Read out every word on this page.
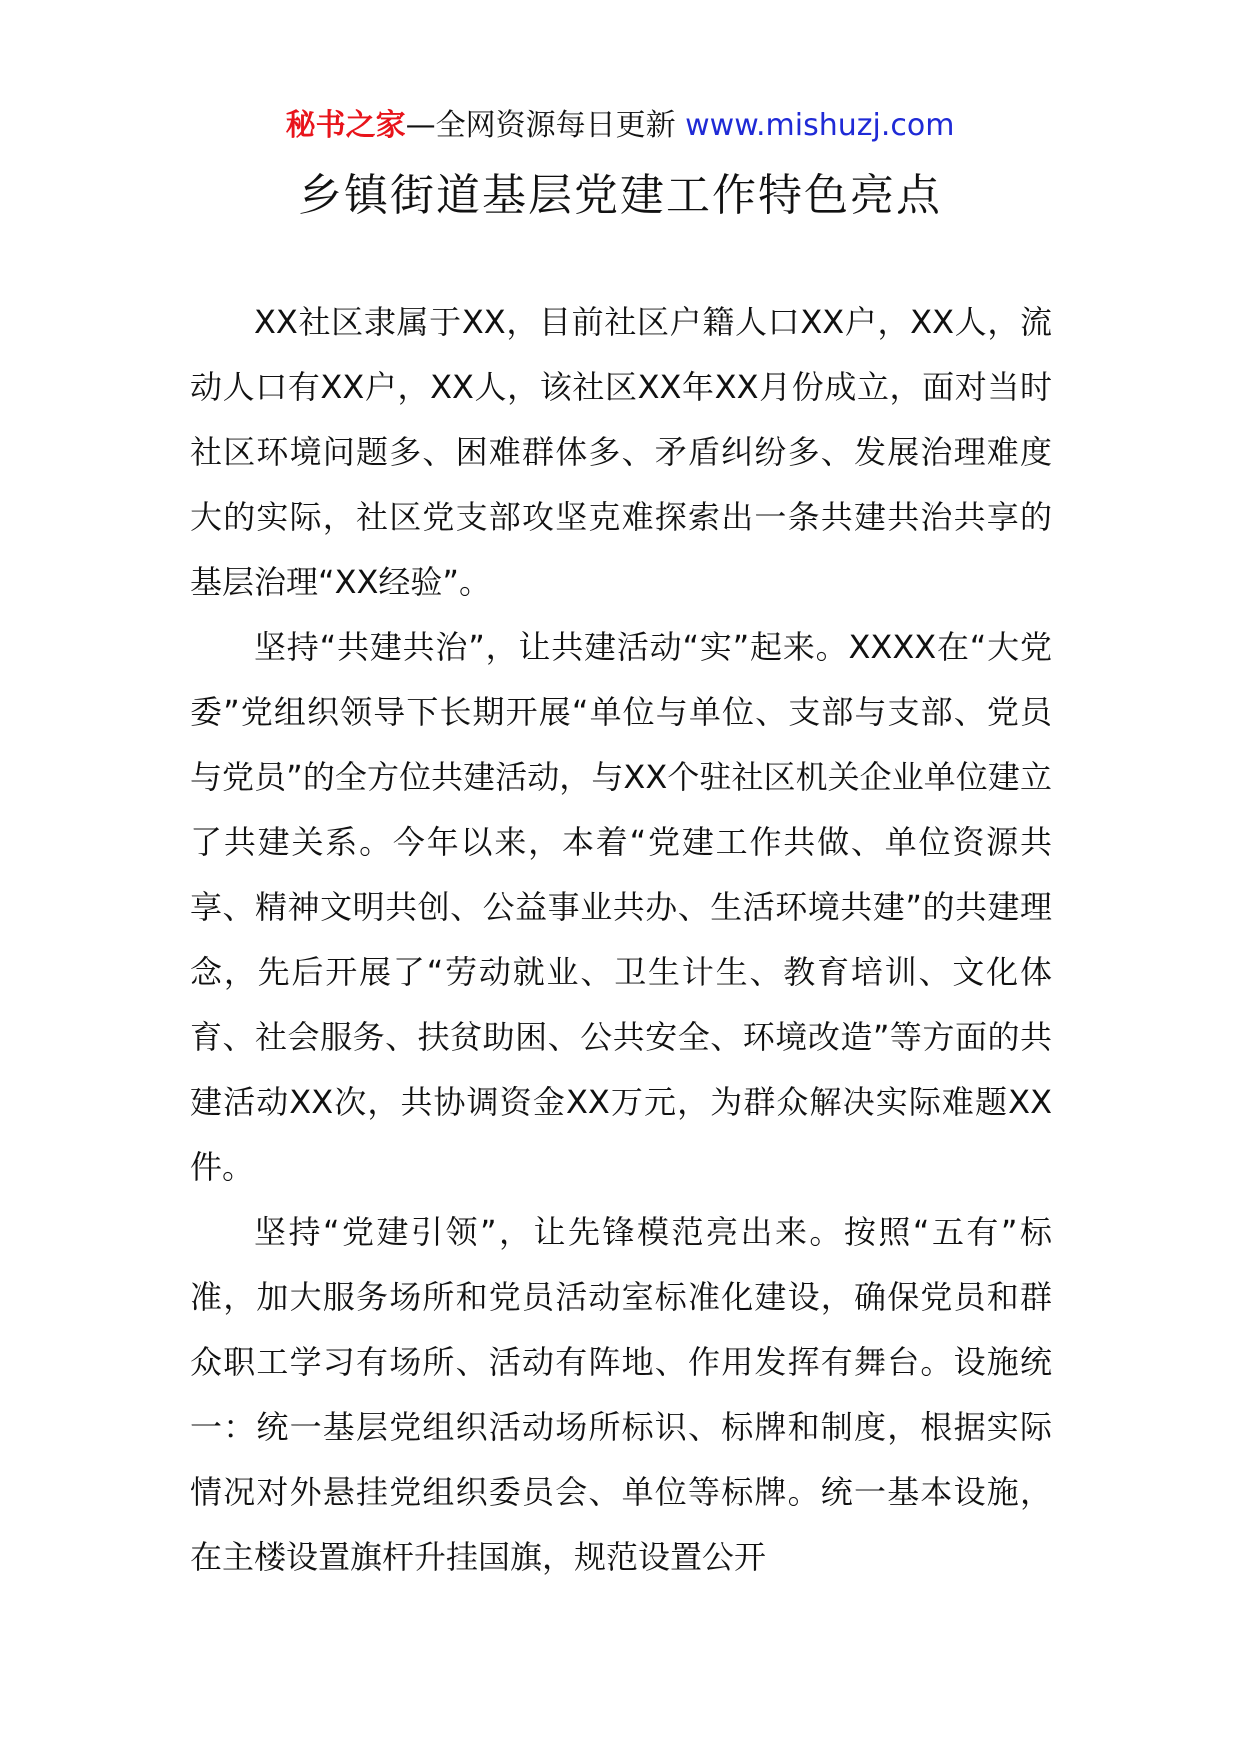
秘书之家—全网资源每日更新 www.mishuzj.com
乡镇街道基层党建工作特色亮点

XX社区隶属于XX，目前社区户籍人口XX户，XX人，流动人口有XX户，XX人，该社区XX年XX月份成立，面对当时社区环境问题多、困难群体多、矛盾纠纷多、发展治理难度大的实际，社区党支部攻坚克难探索出一条共建共治共享的基层治理“XX经验”。

坚持“共建共治”，让共建活动“实”起来。XXXX在“大党委”党组织领导下长期开展“单位与单位、支部与支部、党员与党员”的全方位共建活动，与XX个驻社区机关企业单位建立了共建关系。今年以来，本着“党建工作共做、单位资源共享、精神文明共创、公益事业共办、生活环境共建”的共建理念，先后开展了“劳动就业、卫生计生、教育培训、文化体育、社会服务、扶贫助困、公共安全、环境改造”等方面的共建活动XX次，共协调资金XX万元，为群众解决实际难题XX件。

坚持“党建引领”，让先锋模范亮出来。按照“五有”标准，加大服务场所和党员活动室标准化建设，确保党员和群众职工学习有场所、活动有阵地、作用发挥有舞台。设施统一：统一基层党组织活动场所标识、标牌和制度，根据实际情况对外悬挂党组织委员会、单位等标牌。统一基本设施，在主楼设置旗杆升挂国旗，规范设置公开
